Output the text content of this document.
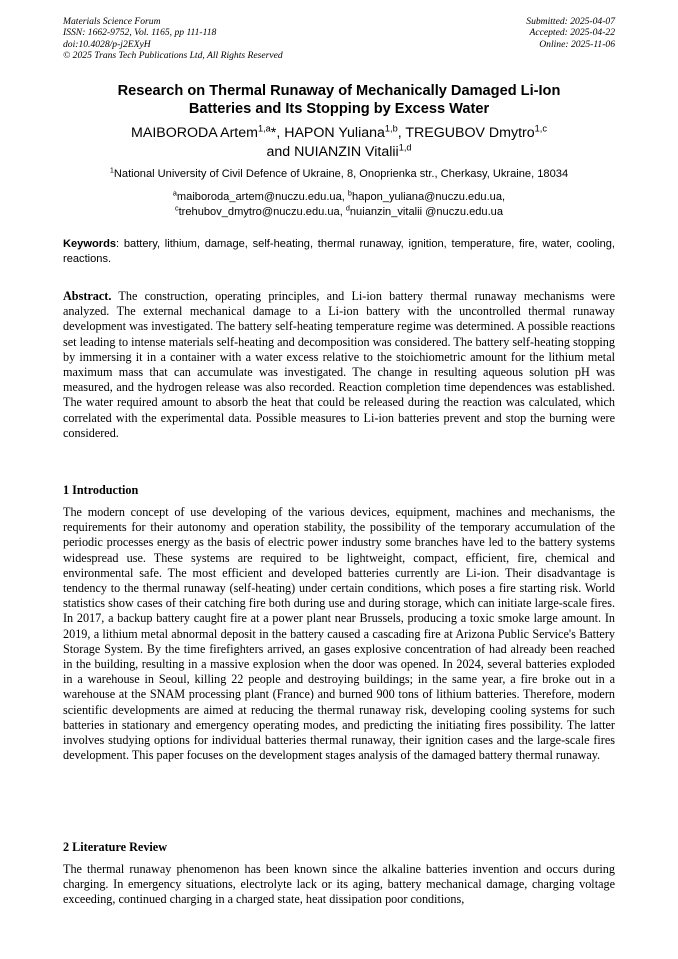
Materials Science Forum
ISSN: 1662-9752, Vol. 1165, pp 111-118
doi:10.4028/p-j2EXyH
© 2025 Trans Tech Publications Ltd, All Rights Reserved
Submitted: 2025-04-07
Accepted: 2025-04-22
Online: 2025-11-06
Research on Thermal Runaway of Mechanically Damaged Li-Ion
Batteries and Its Stopping by Excess Water
MAIBORODA Artem$^{1,a}$*, HAPON Yuliana$^{1,b}$, TREGUBOV Dmytro$^{1,c}$
and NUIANZIN Vitalii$^{1,d}$
$^1$National University of Civil Defence of Ukraine, 8, Onoprienka str., Cherkasy, Ukraine, 18034
$^a$maiboroda_artem@nuczu.edu.ua, $^b$hapon_yuliana@nuczu.edu.ua,
$^c$trehubov_dmytro@nuczu.edu.ua, $^d$nuianzin_vitalii @nuczu.edu.ua
Keywords: battery, lithium, damage, self-heating, thermal runaway, ignition, temperature, fire, water, cooling, reactions.
Abstract. The construction, operating principles, and Li-ion battery thermal runaway mechanisms were analyzed. The external mechanical damage to a Li-ion battery with the uncontrolled thermal runaway development was investigated. The battery self-heating temperature regime was determined. A possible reactions set leading to intense materials self-heating and decomposition was considered. The battery self-heating stopping by immersing it in a container with a water excess relative to the stoichiometric amount for the lithium metal maximum mass that can accumulate was investigated. The change in resulting aqueous solution pH was measured, and the hydrogen release was also recorded. Reaction completion time dependences was established. The water required amount to absorb the heat that could be released during the reaction was calculated, which correlated with the experimental data. Possible measures to Li-ion batteries prevent and stop the burning were considered.
1 Introduction
The modern concept of use developing of the various devices, equipment, machines and mechanisms, the requirements for their autonomy and operation stability, the possibility of the temporary accumulation of the periodic processes energy as the basis of electric power industry some branches have led to the battery systems widespread use. These systems are required to be lightweight, compact, efficient, fire, chemical and environmental safe. The most efficient and developed batteries currently are Li-ion. Their disadvantage is tendency to the thermal runaway (self-heating) under certain conditions, which poses a fire starting risk. World statistics show cases of their catching fire both during use and during storage, which can initiate large-scale fires. In 2017, a backup battery caught fire at a power plant near Brussels, producing a toxic smoke large amount. In 2019, a lithium metal abnormal deposit in the battery caused a cascading fire at Arizona Public Service's Battery Storage System. By the time firefighters arrived, an gases explosive concentration of had already been reached in the building, resulting in a massive explosion when the door was opened. In 2024, several batteries exploded in a warehouse in Seoul, killing 22 people and destroying buildings; in the same year, a fire broke out in a warehouse at the SNAM processing plant (France) and burned 900 tons of lithium batteries. Therefore, modern scientific developments are aimed at reducing the thermal runaway risk, developing cooling systems for such batteries in stationary and emergency operating modes, and predicting the initiating fires possibility. The latter involves studying options for individual batteries thermal runaway, their ignition cases and the large-scale fires development. This paper focuses on the development stages analysis of the damaged battery thermal runaway.
2 Literature Review
The thermal runaway phenomenon has been known since the alkaline batteries invention and occurs during charging. In emergency situations, electrolyte lack or its aging, battery mechanical damage, charging voltage exceeding, continued charging in a charged state, heat dissipation poor conditions,
